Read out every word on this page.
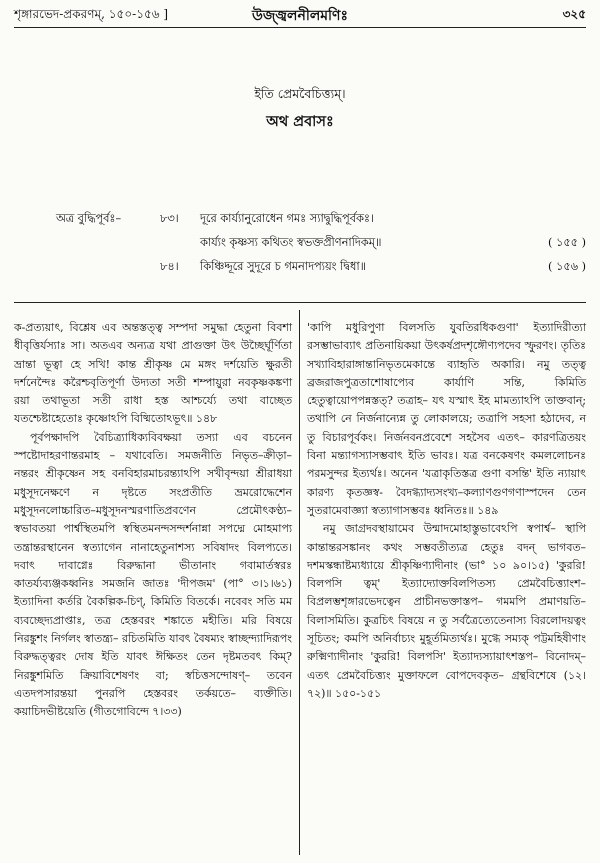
শৃঙ্গারভেদ-প্রকরণম্‌, ১৫০-১৫৬ ]	উজ্জ্বলনীলমণিঃ	৩২৫
ইতি প্রেমবৈচিত্ত্যম্‌।
অথ প্রবাসঃ
অত্র বুদ্ধিপূর্বঃ–	৮৩। দূরে কার্য্যানুরোধেন গমঃ স্যাদ্বুদ্ধিপূর্বকঃ।
কার্য্যং কৃষ্ণস্য কথিতং স্বভক্তপ্রীণনাদিকম্‌॥	( ১৫৫ )
৮৪। কিঞ্চিদ্দূরে সুদূরে চ গমনাদপ্যয়ং দ্বিধা॥	( ১৫৬ )

ক-প্রত্যয়াৎ, বিশ্লেষ এব অন্তস্তত্ত্ব সম্পদা সমুদ্ধা হেতুনা বিবশা ধীবৃত্তির্যস্যাঃ সা। অতএব অন্যত্র যথা প্রাগুক্তা উৎ উচ্ছৈর্ঘূর্ণিতা ভ্রান্তা ভূত্বা হে সখি! কান্ত শ্রীকৃষ্ণ মে মঙ্গং দর্শয়েতি ক্ষুরতী দর্শনেন্দৈঃ করৈশ্চবৃতিপূর্ণা উদ্যতা সতী শম্পায়ুরা নবকৃষ্ণকঙ্কণা রয়া তথাভূতা সতী রাধা হস্ত আশ্চর্য্যে তথা বাচ্ছেত যতশ্চেষ্টাহেতোঃ কৃষ্ণোঽপি বিষ্মিতোঽভূৎ॥ ১৪৮

পূর্বপক্ষাদপি বৈচিত্র্যাধিক্যবিবক্ষয়া তস্যা এব বচনেন স্পষ্টোদাহরণান্তরমাহ – যথাবেতি। সমজনীতি নিভৃত–ক্রীড়া– নন্তরং শ্রীকৃষ্ণেন সহ বনবিহারমাচরন্ত্যাঽপি সখীবৃন্দয়া শ্রীরাধয়া মধুসূদনেক্ষণে ন দৃষ্টতে সংপ্রতীতি ভ্রমরোদ্ধেশেন মধুসূদনলোচ্চারিত–মধুসূদনস্মরণাতিপ্রবণেন প্রেমৌৎকণ্ঠ্য– স্বভাবতয়া পার্শ্বস্থিতমপি স্বস্থিতমনন্দসন্দর্শনান্না সপদ্মে মোহমাপ্য তন্ত্রান্তরস্থানেন স্বত্যাগেন নানাহেতুনাশস্য সবিষাদং বিলপ্যতে। দবাৎ দাবাগ্নেঃ বিরুদ্ধানা ভীতানাং গবামার্তস্বরঃ কাতর্য্যব্যঞ্জকধ্বনিঃ সমজনি জাতঃ 'দীপজম' (পা° ৩।১।৬১) ইত্যাদিনা কর্তরি বৈকল্পিক-চিণ্‌, কিমিতি বিতর্কে। নবেবং সতি মম ব্যবচ্ছেদ্যপ্রাপ্তাঃ, তত্র হেস্তবরং শঙ্কাতে মহীতি। মরি বিষয়ে নিরঙ্কুশং নির্গলং স্বাতন্ত্র্য– রচিতমিতি যাবৎ বৈষম্যং স্বাচ্ছন্দ্যাদিরূপং বিরুদ্ধত্ত্বরং দোষ ইতি যাবৎ ঈক্ষিতং তেন দৃষ্টমতবৎ কিম্‌? নিরঙ্কুশমিতি ক্রিয়াবিশেষণং বা; স্বচিত্তসন্দোষণ্‌– তবেন এতদপসারন্তয়া পুনরপি হেস্তবরং তর্কয়তে– ব্যক্তীতি। কয়াচিদভীষ্টয়েতি (গীতগোবিন্দে ৭।৩৩)

'কাপি মধুরিপুণা বিলসতি যুবতিরধিকগুণা' ইত্যাদিরীত্যা রসম্ভাভাব্যাৎ প্রতিনায়িকয়া উৎকর্ষপ্রদশৃঙ্গৌণ্যপদেব স্ফুরণং। তৃতিঃ সখ্যাবিহারাঙ্গান্তানিভৃতমেকান্তে ব্যাহৃতি অকারি। নমু তত্ত্ব ব্রজরাজপুত্রতাশোষাপ্যেব কার্যাণি সন্তি, কিমিতি হেতুত্বায়োপপন্নস্তত্‌? তত্রাহ– যৎ যস্মাৎ ইহ মামত্যাঽপি তাক্তবান্‌; তথাপি নে নির্জনান্যেন্ন তু লোকালয়ে; তত্রাপি সহসা হঠাদেব, ন তু বিচারপূর্বকং। নির্জনবনপ্রবেশে সহসৈব এতৎ– কারণত্রিতয়ং বিনা মন্ত্যাগস্যাসম্ভবাৎ ইতি ভাবঃ। যত্র বনকেষণং কমললোচনঃ পরমসুন্দর ইত্যর্থঃ। অনেন 'যত্রাকৃতিস্তত্র গুণা বসন্তি' ইতি ন্যায়াৎ কারণ্য কৃতজ্ঞস্ব- বৈদগ্ধ্যাদ্যসংখ্য–কল্যাণগুণগণাস্পদেন তেন সুতরামেবাজ্ঞ্যা স্বত্যাগাসম্ভবঃ ধ্বনিতঃ॥ ১৪৯

নমু জাগ্রদবস্থায়ামেব উন্মাদমোহাস্তুভাবেঽপি স্বপার্শ্ব– স্থাপি কান্তান্তরসঙ্কানং কথং সম্ভবতীত্যত্র হেতুঃ বদন্‌ ভাগবত–দশমস্কন্ধাষ্টম্যধ্যায়ে শ্রীকৃষ্ণিণ্যাদীনাং (ভা° ১০ ৯০।১৫) 'কুররি! বিলপসি ত্বম্‌' ইত্যাদ্যোক্তবিলপিতস্য প্রেমবৈচিত্ত্যাংশ–বিপ্রলম্ভশৃঙ্গারভেদত্বেন প্রাচীনভক্তাস্তপ– গমমপি প্রমাণয়তি–বিলাসমিতি। কুত্রচিৎ বিষয়ে ন তু সর্বত্রৈত্যেতেনাস্য বিরলোদয়ত্বং সূচিতং; কমপি অনির্বাচ্যং মুহূর্তমিত্যর্থঃ। মুগ্ধে সম্যক্‌ পট্টমহিষীণাং রুক্মিণ্যাদীনাং 'কুররি! বিলপসি' ইত্যাদ্যস্যায়াৎশস্তপ– বিনোদম্‌–এতৎ প্রেমবৈচিত্ত্যং মুক্তাফলে বোপদেবকৃত– গ্রন্থবিশেষে (১২।৭২)॥ ১৫০-১৫১
